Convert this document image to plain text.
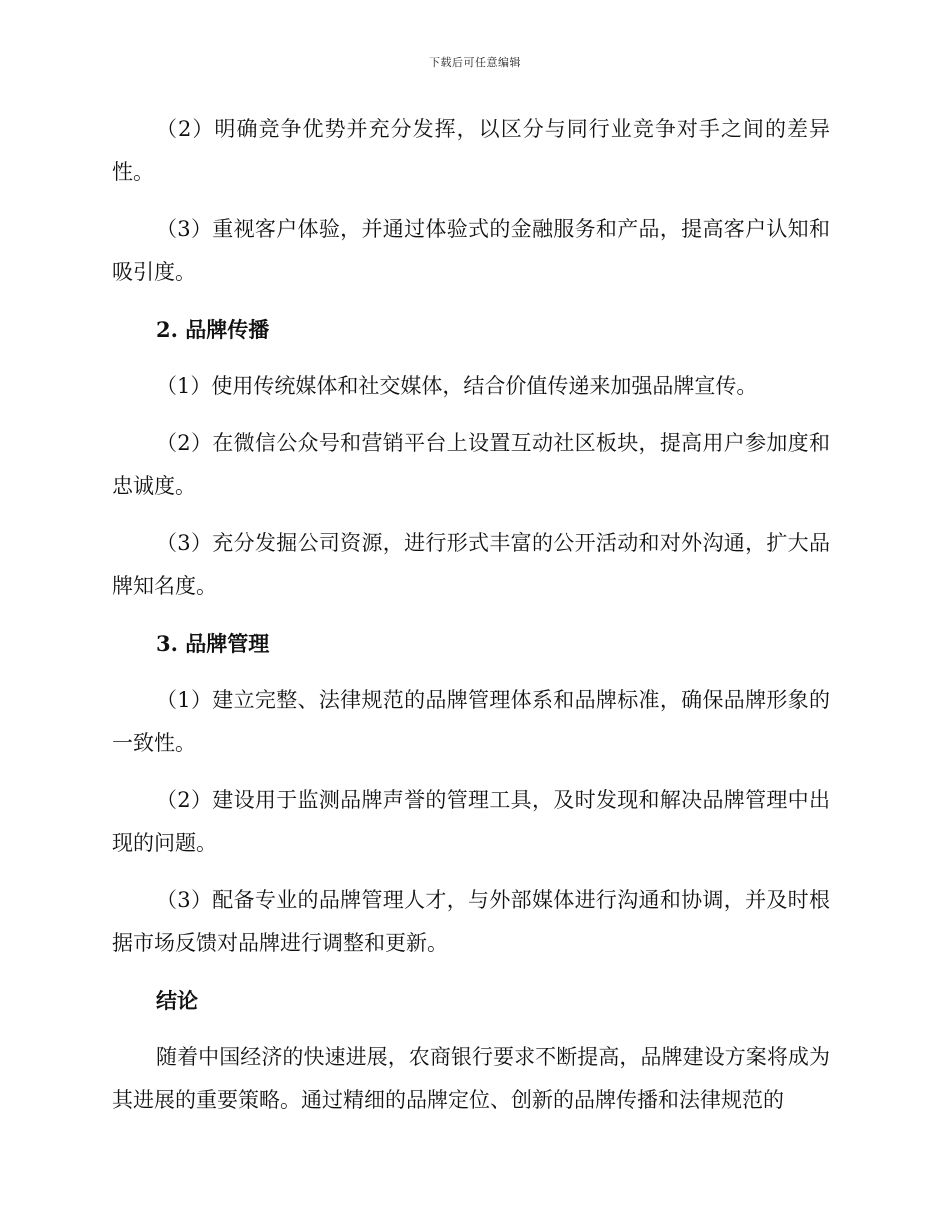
下载后可任意编辑

（2）明确竞争优势并充分发挥，以区分与同行业竞争对手之间的差异性。

（3）重视客户体验，并通过体验式的金融服务和产品，提高客户认知和吸引度。

2. 品牌传播

（1）使用传统媒体和社交媒体，结合价值传递来加强品牌宣传。

（2）在微信公众号和营销平台上设置互动社区板块，提高用户参加度和忠诚度。

（3）充分发掘公司资源，进行形式丰富的公开活动和对外沟通，扩大品牌知名度。

3. 品牌管理

（1）建立完整、法律规范的品牌管理体系和品牌标准，确保品牌形象的一致性。

（2）建设用于监测品牌声誉的管理工具，及时发现和解决品牌管理中出现的问题。

（3）配备专业的品牌管理人才，与外部媒体进行沟通和协调，并及时根据市场反馈对品牌进行调整和更新。

结论

随着中国经济的快速进展，农商银行要求不断提高，品牌建设方案将成为其进展的重要策略。通过精细的品牌定位、创新的品牌传播和法律规范的
